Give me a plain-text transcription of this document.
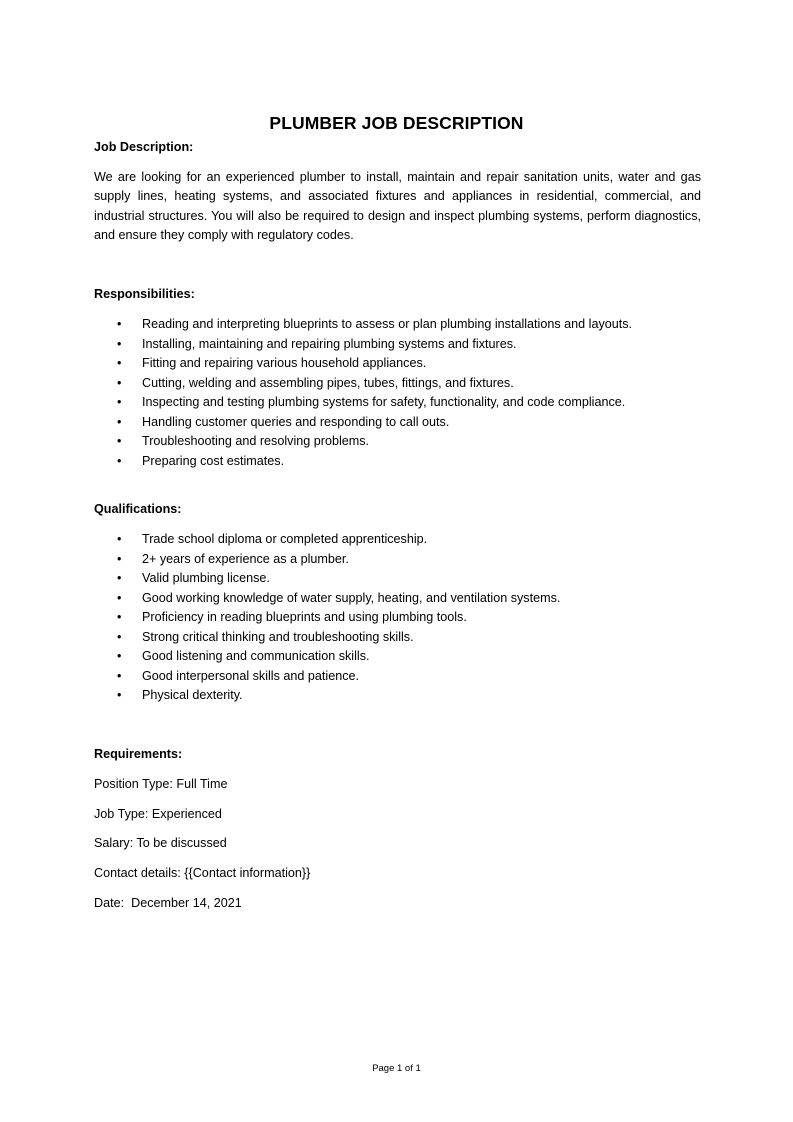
PLUMBER JOB DESCRIPTION
Job Description:
We are looking for an experienced plumber to install, maintain and repair sanitation units, water and gas supply lines, heating systems, and associated fixtures and appliances in residential, commercial, and industrial structures. You will also be required to design and inspect plumbing systems, perform diagnostics, and ensure they comply with regulatory codes.
Responsibilities:
• Reading and interpreting blueprints to assess or plan plumbing installations and layouts.
• Installing, maintaining and repairing plumbing systems and fixtures.
• Fitting and repairing various household appliances.
• Cutting, welding and assembling pipes, tubes, fittings, and fixtures.
• Inspecting and testing plumbing systems for safety, functionality, and code compliance.
• Handling customer queries and responding to call outs.
• Troubleshooting and resolving problems.
• Preparing cost estimates.
Qualifications:
• Trade school diploma or completed apprenticeship.
• 2+ years of experience as a plumber.
• Valid plumbing license.
• Good working knowledge of water supply, heating, and ventilation systems.
• Proficiency in reading blueprints and using plumbing tools.
• Strong critical thinking and troubleshooting skills.
• Good listening and communication skills.
• Good interpersonal skills and patience.
• Physical dexterity.
Requirements:
Position Type: Full Time
Job Type: Experienced
Salary: To be discussed
Contact details: {{Contact information}}
Date:  December 14, 2021
Page 1 of 1
